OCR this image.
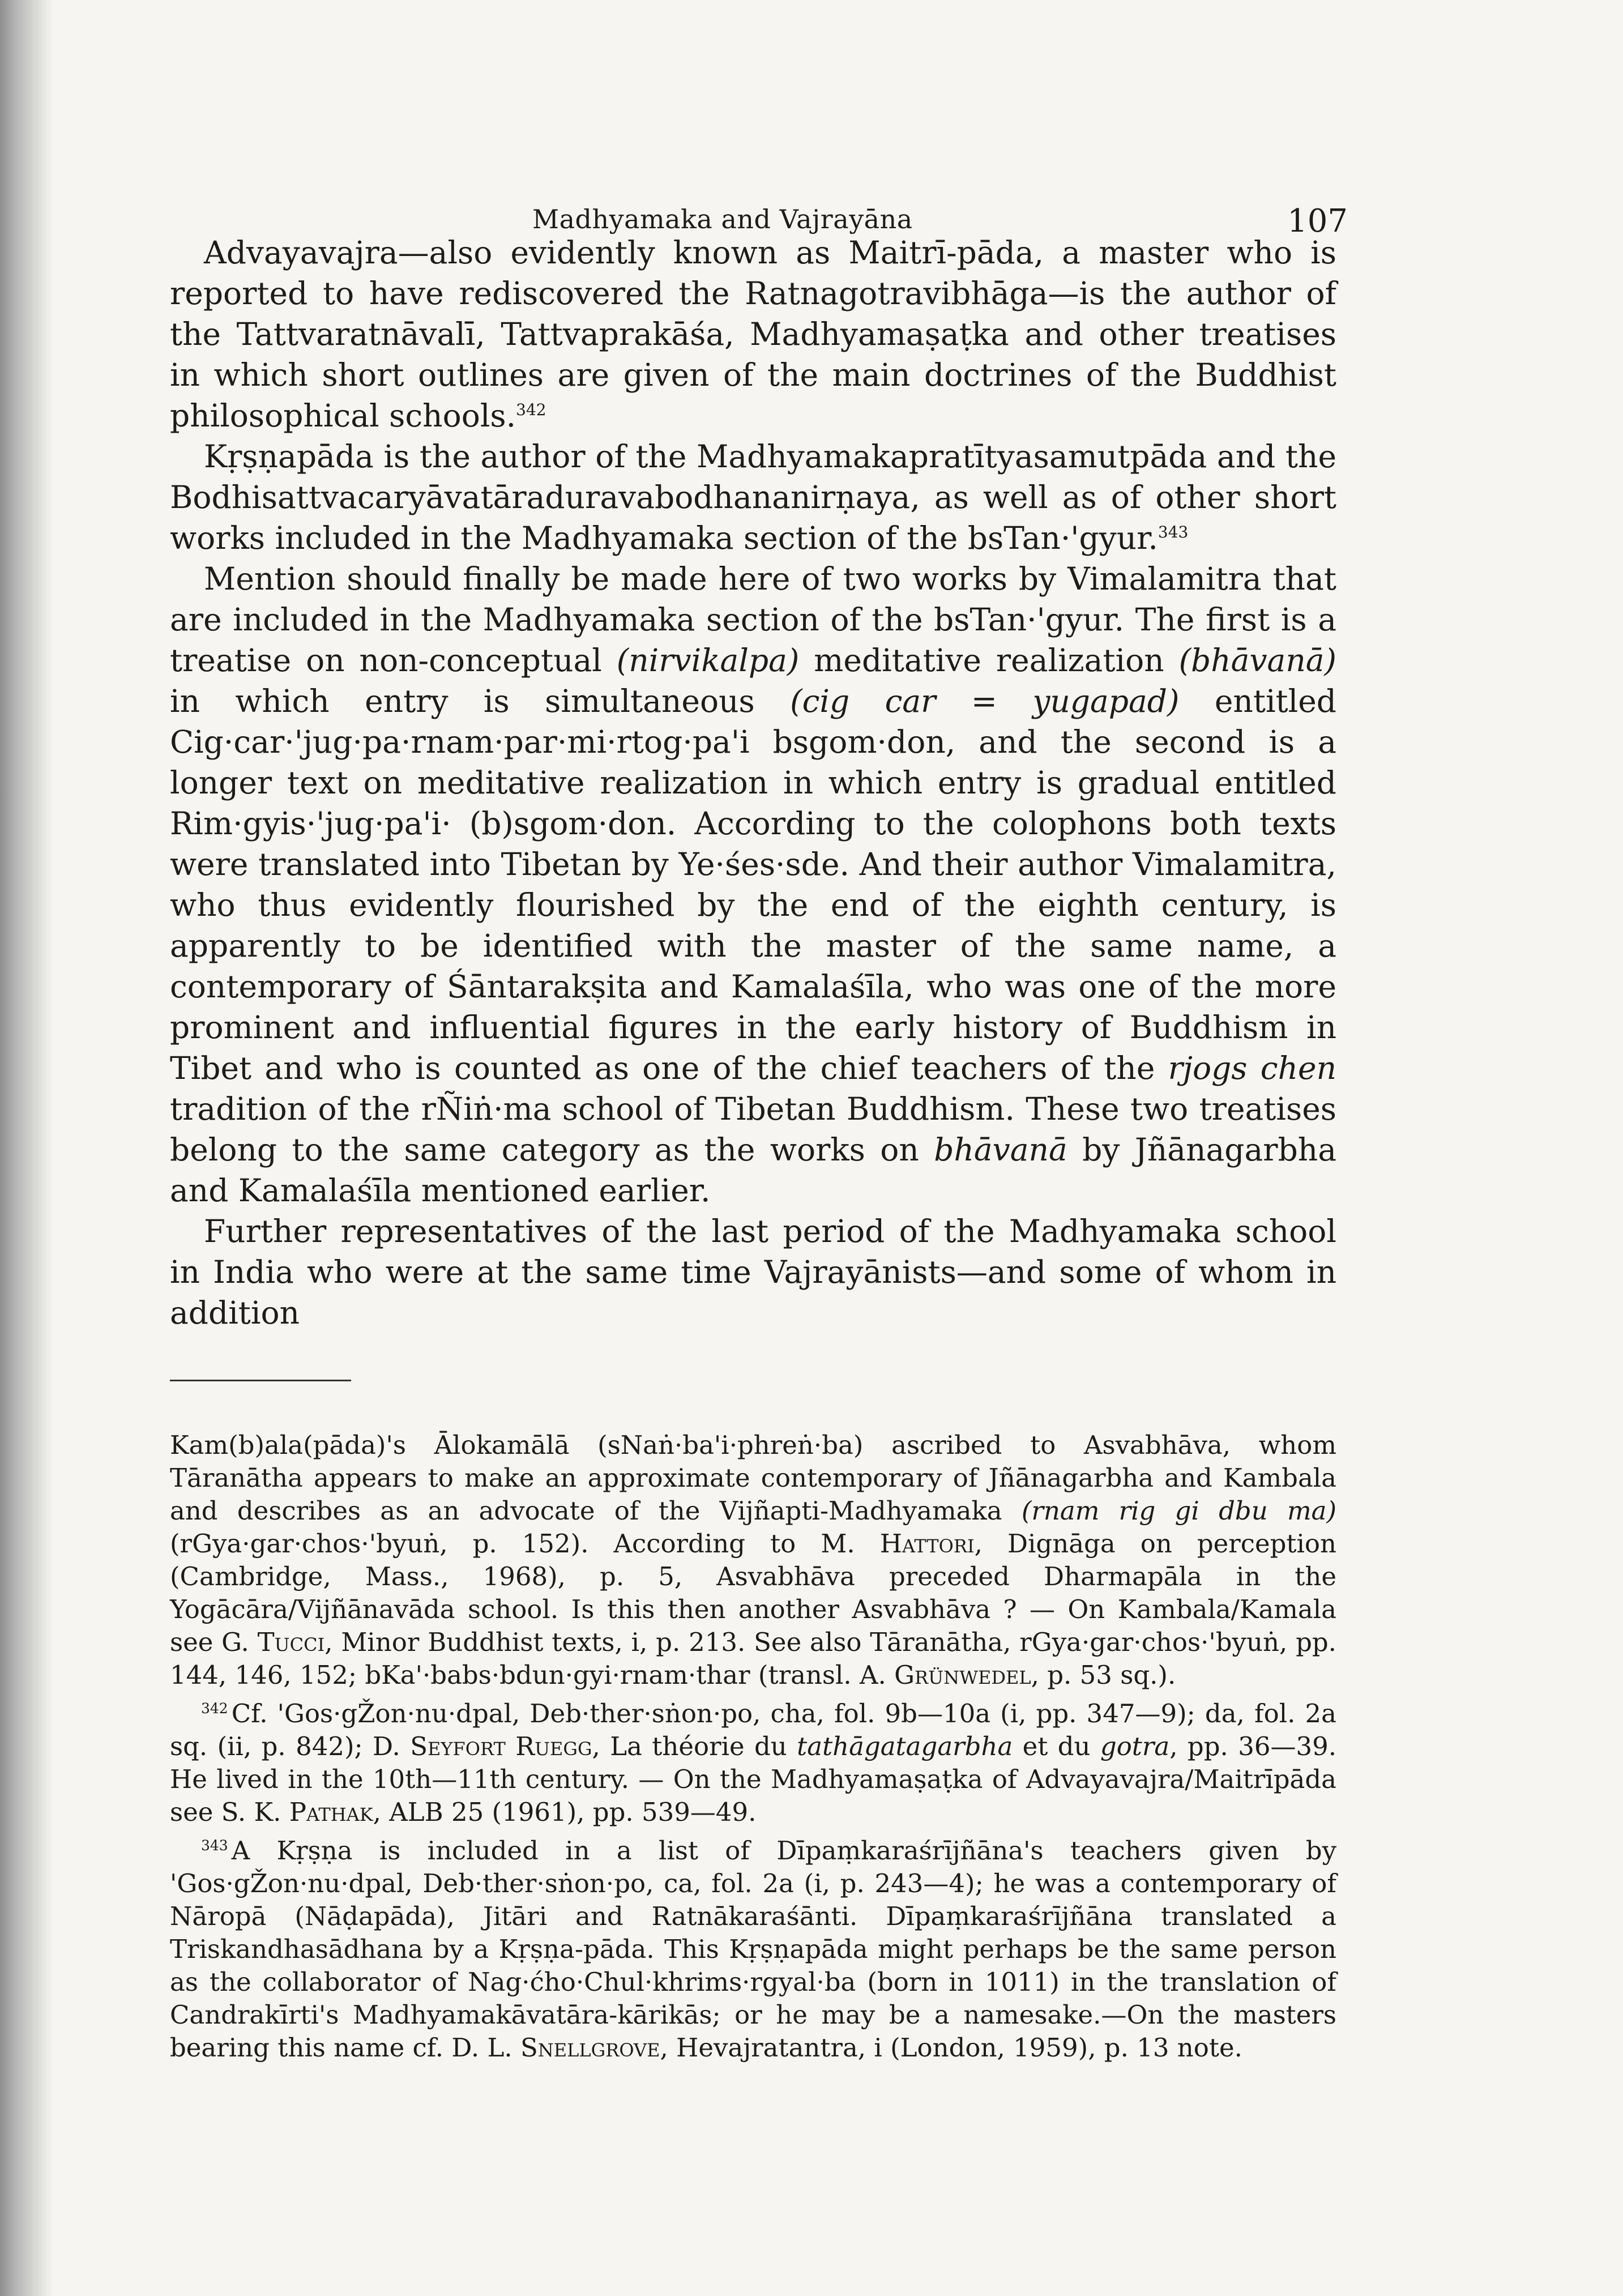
Madhyamaka and Vajrayāna	107

Advayavajra—also evidently known as Maitrī-pāda, a master who is reported to have rediscovered the Ratnagotravibhāga—is the author of the Tattvaratnāvalī, Tattvaprakāśa, Madhyamaṣaṭka and other treatises in which short outlines are given of the main doctrines of the Buddhist philosophical schools.$^{342}$

Kṛṣṇapāda is the author of the Madhyamakapratītyasamutpāda and the Bodhisattvacaryāvatāraduravabodhananirṇaya, as well as of other short works included in the Madhyamaka section of the bsTan·'gyur.$^{343}$

Mention should finally be made here of two works by Vimalamitra that are included in the Madhyamaka section of the bsTan·'gyur. The first is a treatise on non-conceptual (nirvikalpa) meditative realization (bhāvanā) in which entry is simultaneous (cig car = yugapad) entitled Cig·car·'jug·pa·rnam·par·mi·rtog·pa'i bsgom·don, and the second is a longer text on meditative realization in which entry is gradual entitled Rim·gyis·'jug·pa'i· (b)sgom·don. According to the colophons both texts were translated into Tibetan by Ye·śes·sde. And their author Vimalamitra, who thus evidently flourished by the end of the eighth century, is apparently to be identified with the master of the same name, a contemporary of Śāntarakṣita and Kamalaśīla, who was one of the more prominent and influential figures in the early history of Buddhism in Tibet and who is counted as one of the chief teachers of the rjogs chen tradition of the rÑiṅ·ma school of Tibetan Buddhism. These two treatises belong to the same category as the works on bhāvanā by Jñānagarbha and Kamalaśīla mentioned earlier.

Further representatives of the last period of the Madhyamaka school in India who were at the same time Vajrayānists—and some of whom in addition

Kam(b)ala(pāda)'s Ālokamālā (sNaṅ·ba'i·phreṅ·ba) ascribed to Asvabhāva, whom Tāranātha appears to make an approximate contemporary of Jñānagarbha and Kambala and describes as an advocate of the Vijñapti-Madhyamaka (rnam rig gi dbu ma) (rGya·gar·chos·'byuṅ, p. 152). According to M. Hattori, Dignāga on perception (Cambridge, Mass., 1968), p. 5, Asvabhāva preceded Dharmapāla in the Yogācāra/Vijñānavāda school. Is this then another Asvabhāva ? — On Kambala/Kamala see G. Tucci, Minor Buddhist texts, i, p. 213. See also Tāranātha, rGya·gar·chos·'byuṅ, pp. 144, 146, 152; bKa'·babs·bdun·gyi·rnam·thar (transl. A. Grünwedel, p. 53 sq.).

$^{342}$ Cf. 'Gos·gŽon·nu·dpal, Deb·ther·sṅon·po, cha, fol. 9b—10a (i, pp. 347—9); da, fol. 2a sq. (ii, p. 842); D. Seyfort Ruegg, La théorie du tathāgatagarbha et du gotra, pp. 36—39. He lived in the 10th—11th century. — On the Madhyamaṣaṭka of Advayavajra/Maitrīpāda see S. K. Pathak, ALB 25 (1961), pp. 539—49.

$^{343}$ A Kṛṣṇa is included in a list of Dīpaṃkaraśrījñāna's teachers given by 'Gos·gŽon·nu·dpal, Deb·ther·sṅon·po, ca, fol. 2a (i, p. 243—4); he was a contemporary of Nāropā (Nāḍapāda), Jitāri and Ratnākaraśānti. Dīpaṃkaraśrījñāna translated a Triskandhasādhana by a Kṛṣṇa-pāda. This Kṛṣṇapāda might perhaps be the same person as the collaborator of Nag·ćho·Chul·khrims·rgyal·ba (born in 1011) in the translation of Candrakīrti's Madhyamakāvatāra-kārikās; or he may be a namesake.—On the masters bearing this name cf. D. L. Snellgrove, Hevajratantra, i (London, 1959), p. 13 note.
